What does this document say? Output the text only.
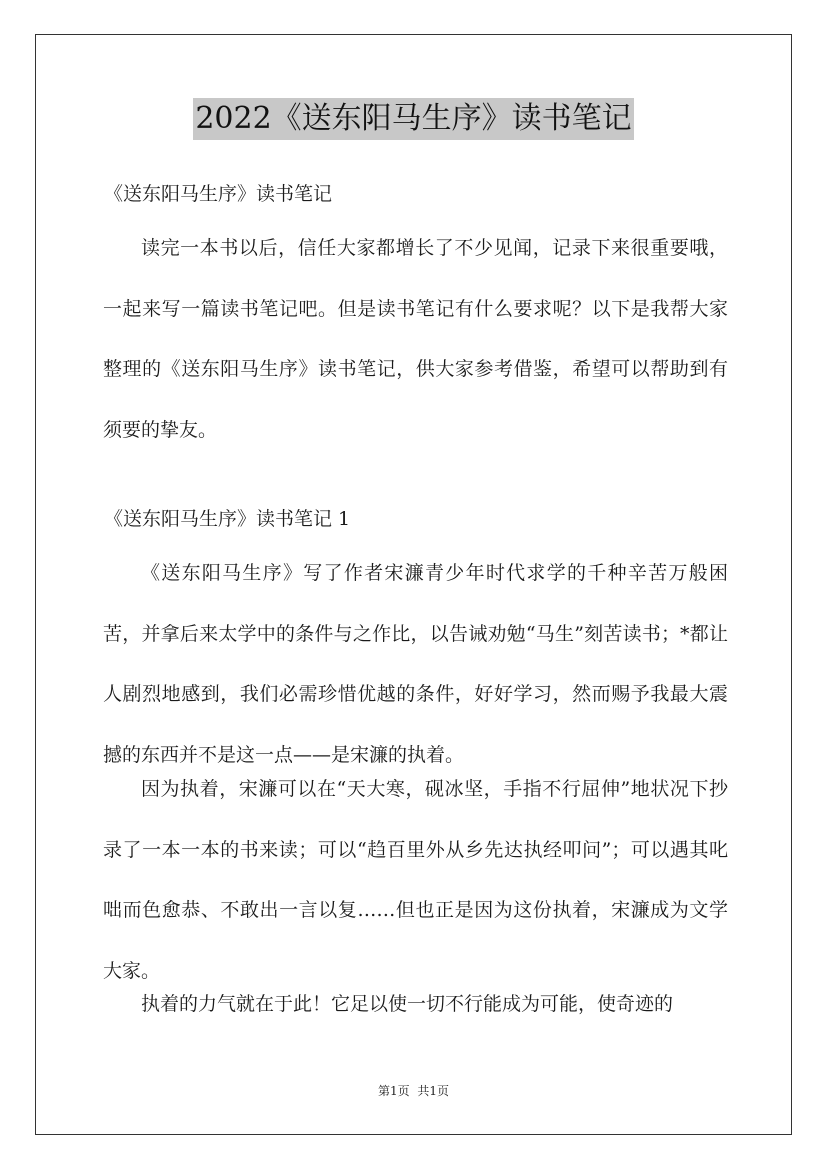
2022《送东阳马生序》读书笔记
《送东阳马生序》读书笔记

读完一本书以后，信任大家都增长了不少见闻，记录下来很重要哦，一起来写一篇读书笔记吧。但是读书笔记有什么要求呢？以下是我帮大家整理的《送东阳马生序》读书笔记，供大家参考借鉴，希望可以帮助到有须要的挚友。

《送东阳马生序》读书笔记 1

《送东阳马生序》写了作者宋濂青少年时代求学的千种辛苦万般困苦，并拿后来太学中的条件与之作比，以告诫劝勉“马生”刻苦读书；*都让人剧烈地感到，我们必需珍惜优越的条件，好好学习，然而赐予我最大震撼的东西并不是这一点——是宋濂的执着。

因为执着，宋濂可以在“天大寒，砚冰坚，手指不行屈伸”地状况下抄录了一本一本的书来读；可以“趋百里外从乡先达执经叩问”；可以遇其叱咄而色愈恭、不敢出一言以复……但也正是因为这份执着，宋濂成为文学大家。

执着的力气就在于此！它足以使一切不行能成为可能，使奇迹的

第1页 共1页
